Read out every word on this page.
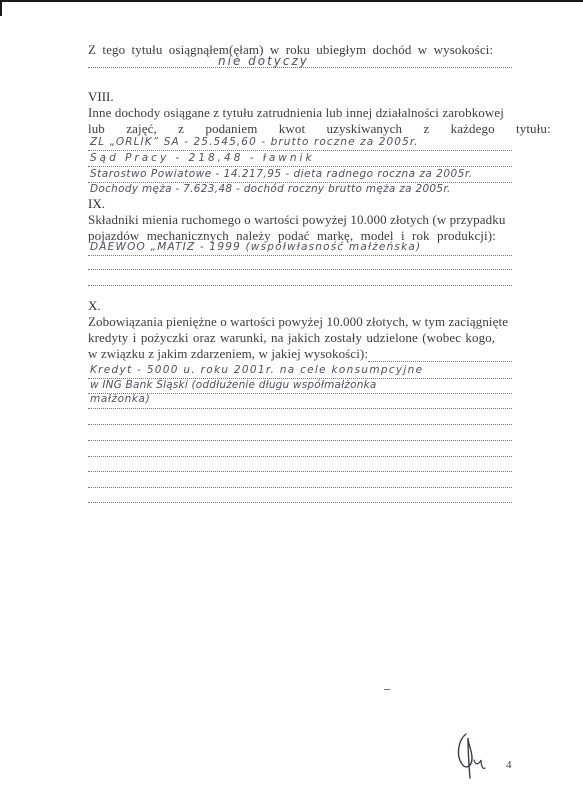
Z tego tytułu osiągnąłem(ęłam) w roku ubiegłym dochód w wysokości:
nie dotyczy
VIII.
Inne dochody osiągane z tytułu zatrudnienia lub innej działalności zarobkowej
lub zajęć, z podaniem kwot uzyskiwanych z każdego tytułu:
ZL „ORLIK” SA - 25.545,60 - brutto roczne za 2005r.
Sąd Pracy - 218,48 - ławnik
Starostwo Powiatowe - 14.217,95 - dieta radnego roczna za 2005r.
Dochody męża - 7.623,48 - dochód roczny brutto męża za 2005r.
IX.
Składniki mienia ruchomego o wartości powyżej 10.000 złotych (w przypadku
pojazdów mechanicznych należy podać markę, model i rok produkcji):
DAEWOO „MATIZ - 1999 (współwłasność małżeńska)
X.
Zobowiązania pieniężne o wartości powyżej 10.000 złotych, w tym zaciągnięte
kredyty i pożyczki oraz warunki, na jakich zostały udzielone (wobec kogo,
w związku z jakim zdarzeniem, w jakiej wysokości):
Kredyt - 5000 u. roku 2001r. na cele konsumpcyjne
w ING Bank Śląski (oddłużenie długu współmałżonka
małżonka)
4
